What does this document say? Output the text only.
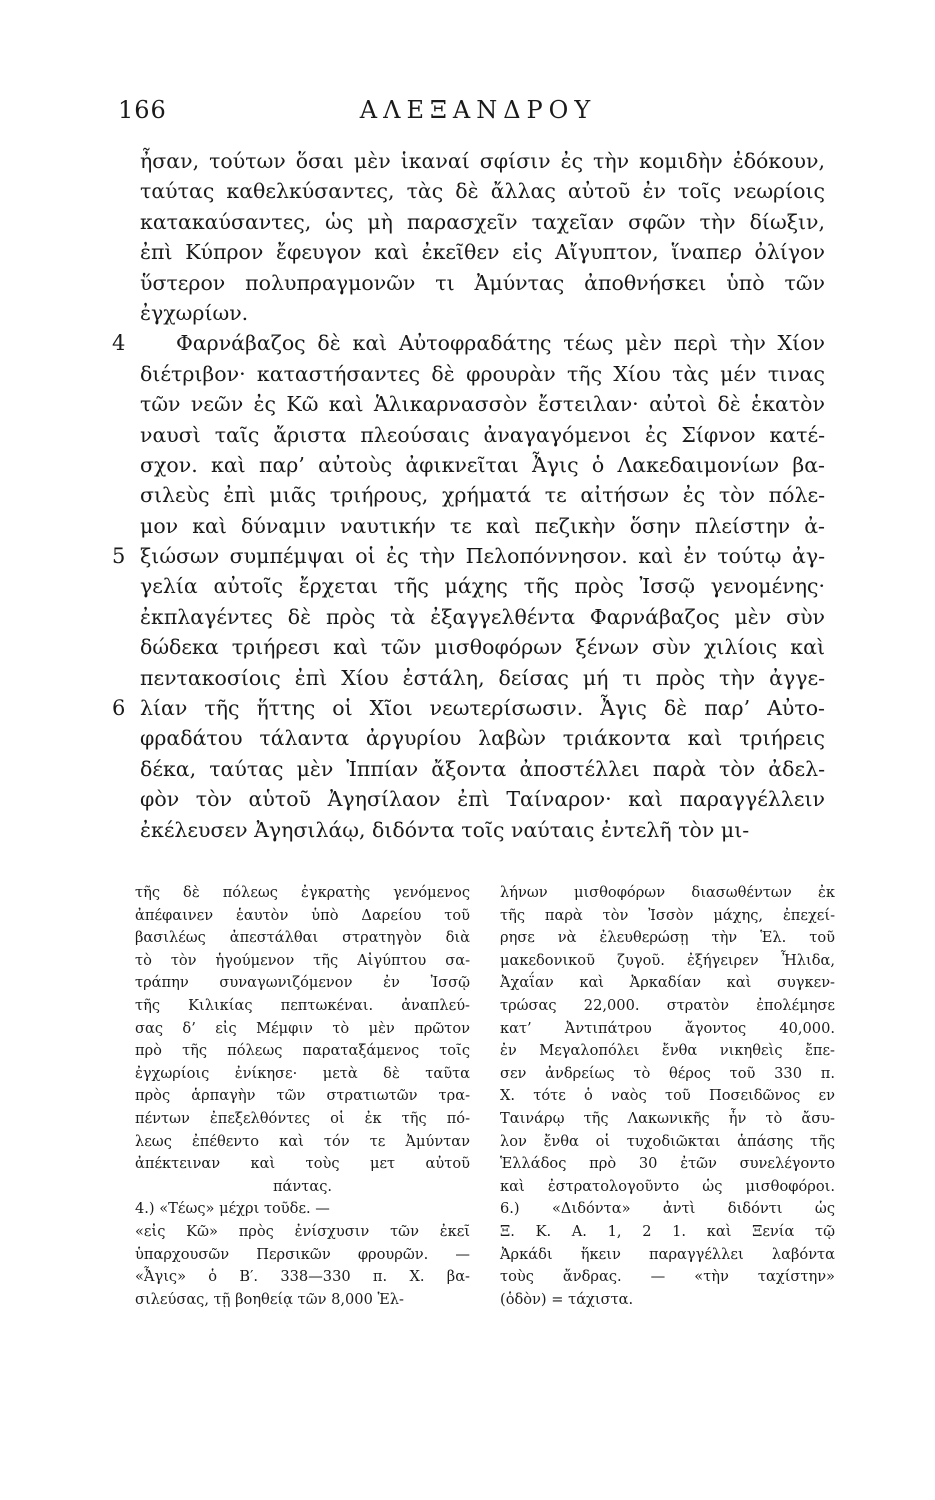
166	ΑΛΕΞΑΝΔΡΟΥ
ἦσαν, τούτων ὅσαι μὲν ἱκαναί σφίσιν ἐς τὴν κομιδὴν ἐδόκουν,
ταύτας καθελκύσαντες, τὰς δὲ ἄλλας αὐτοῦ ἐν τοῖς νεωρίοις
κατακαύσαντες, ὡς μὴ παρασχεῖν ταχεῖαν σφῶν τὴν δίωξιν,
ἐπὶ Κύπρον ἔφευγον καὶ ἐκεῖθεν εἰς Αἴγυπτον, ἵναπερ ὀλίγον
ὕστερον πολυπραγμονῶν τι Ἀμύντας ἀποθνήσκει ὑπὸ τῶν
ἐγχωρίων.
4 Φαρνάβαζος δὲ καὶ Αὐτοφραδάτης τέως μὲν περὶ τὴν Χίον
διέτριβον· καταστήσαντες δὲ φρουρὰν τῆς Χίου τὰς μέν τινας
τῶν νεῶν ἐς Κῶ καὶ Ἁλικαρνασσὸν ἔστειλαν· αὐτοὶ δὲ ἑκατὸν
ναυσὶ ταῖς ἄριστα πλεούσαις ἀναγαγόμενοι ἐς Σίφνον κατέ-
σχον. καὶ παρ’ αὐτοὺς ἀφικνεῖται Ἆγις ὁ Λακεδαιμονίων βα-
σιλεὺς ἐπὶ μιᾶς τριήρους, χρήματά τε αἰτήσων ἐς τὸν πόλε-
μον καὶ δύναμιν ναυτικήν τε καὶ πεζικὴν ὅσην πλείστην ἀ-
5 ξιώσων συμπέμψαι οἱ ἐς τὴν Πελοπόννησον. καὶ ἐν τούτῳ ἀγ-
γελία αὐτοῖς ἔρχεται τῆς μάχης τῆς πρὸς Ἰσσῷ γενομένης·
ἐκπλαγέντες δὲ πρὸς τὰ ἐξαγγελθέντα Φαρνάβαζος μὲν σὺν
δώδεκα τριήρεσι καὶ τῶν μισθοφόρων ξένων σὺν χιλίοις καὶ
πεντακοσίοις ἐπὶ Χίου ἐστάλη, δείσας μή τι πρὸς τὴν ἀγγε-
6 λίαν τῆς ἥττης οἱ Χῖοι νεωτερίσωσιν. Ἆγις δὲ παρ’ Αὐτο-
φραδάτου τάλαντα ἀργυρίου λαβὼν τριάκοντα καὶ τριήρεις
δέκα, ταύτας μὲν Ἱππίαν ἄξοντα ἀποστέλλει παρὰ τὸν ἀδελ-
φὸν τὸν αὑτοῦ Ἀγησίλαον ἐπὶ Ταίναρον· καὶ παραγγέλλειν
ἐκέλευσεν Ἀγησιλάῳ, διδόντα τοῖς ναύταις ἐντελῆ τὸν μι-
τῆς δὲ πόλεως ἐγκρατὴς γενόμενος
ἀπέφαινεν ἑαυτὸν ὑπὸ Δαρείου τοῦ
βασιλέως ἀπεστάλθαι στρατηγὸν διὰ
τὸ τὸν ἡγούμενον τῆς Αἰγύπτου σα-
τράπην συναγωνιζόμενον ἐν Ἰσσῷ
τῆς Κιλικίας πεπτωκέναι. ἀναπλεύ-
σας δ’ εἰς Μέμφιν τὸ μὲν πρῶτον
πρὸ τῆς πόλεως παραταξάμενος τοῖς
ἐγχωρίοις ἐνίκησε· μετὰ δὲ ταῦτα
πρὸς ἁρπαγὴν τῶν στρατιωτῶν τρα-
πέντων ἐπεξελθόντες οἱ ἐκ τῆς πό-
λεως ἐπέθεντο καὶ τόν τε Ἀμύνταν
ἀπέκτειναν καὶ τοὺς μετ αὐτοῦ
πάντας.
4.) «Τέως» μέχρι τοῦδε. —
«εἰς Κῶ» πρὸς ἐνίσχυσιν τῶν ἐκεῖ
ὑπαρχουσῶν Περσικῶν φρουρῶν. —
«Ἆγις» ὁ Β′. 338—330 π. Χ. βα-
σιλεύσας, τῇ βοηθείᾳ τῶν 8,000 Ἑλ-
λήνων μισθοφόρων διασωθέντων ἐκ
τῆς παρὰ τὸν Ἰσσὸν μάχης, ἐπεχεί-
ρησε νὰ ἐλευθερώσῃ τὴν Ἑλ. τοῦ
μακεδονικοῦ ζυγοῦ. ἐξήγειρεν Ἦλιδα,
Ἀχαΐαν καὶ Ἀρκαδίαν καὶ συγκεν-
τρώσας 22,000. στρατὸν ἐπολέμησε
κατ’ Ἀντιπάτρου ἄγοντος 40,000.
ἐν Μεγαλοπόλει ἔνθα νικηθεὶς ἔπε-
σεν ἀνδρείως τὸ θέρος τοῦ 330 π.
Χ. τότε ὁ ναὸς τοῦ Ποσειδῶνος εν
Ταινάρῳ τῆς Λακωνικῆς ἦν τὸ ἄσυ-
λον ἔνθα οἱ τυχοδιῶκται ἁπάσης τῆς
Ἑλλάδος πρὸ 30 ἐτῶν συνελέγοντο
καὶ ἐστρατολογοῦντο ὡς μισθοφόροι.
6.) «Διδόντα» ἀντὶ διδόντι ὡς
Ξ. Κ. Α. 1, 2 1. καὶ Ξενία τῷ
Ἀρκάδι ἥκειν παραγγέλλει λαβόντα
τοὺς ἄνδρας. — «τὴν ταχίστην»
(ὁδὸν) = τάχιστα.
